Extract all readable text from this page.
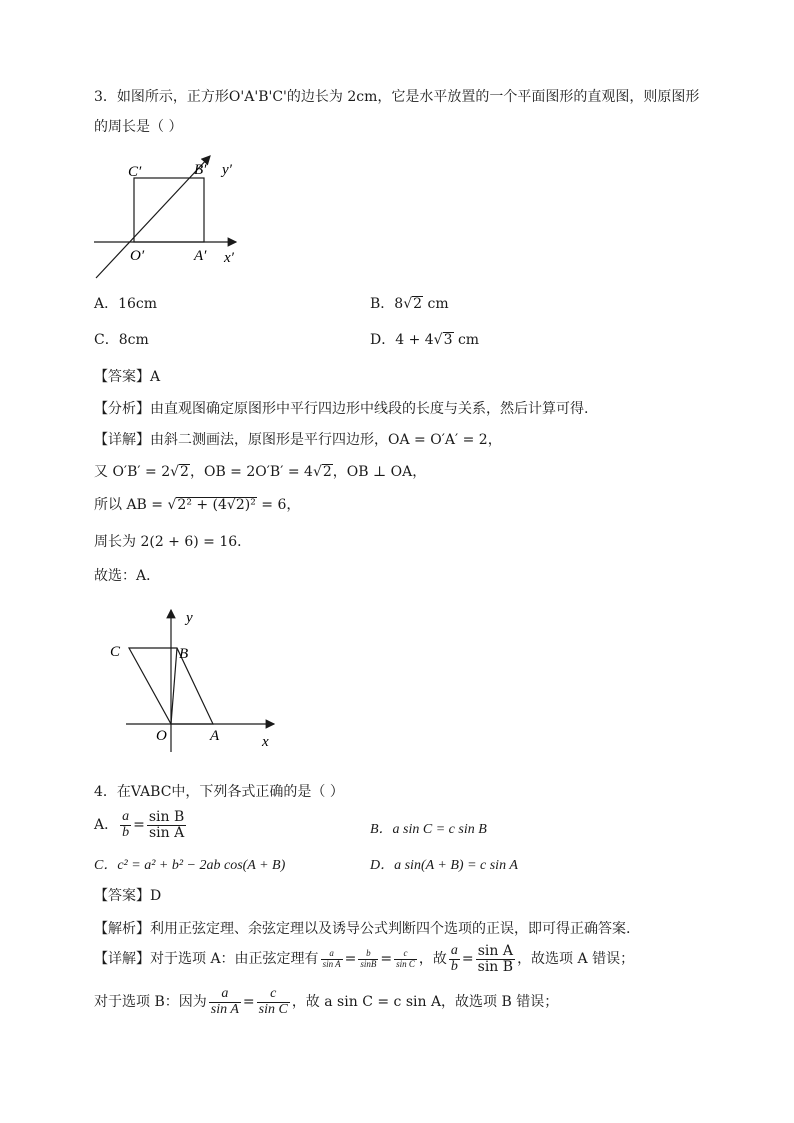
3．如图所示，正方形O'A'B'C'的边长为 2cm，它是水平放置的一个平面图形的直观图，则原图形
的周长是（ ）
C′	B′ y′
O′	A′ x′
A．16cm	B．8√2 cm
C．8cm	D．4 + 4√3 cm
【答案】A
【分析】由直观图确定原图形中平行四边形中线段的长度与关系，然后计算可得.
【详解】由斜二测画法，原图形是平行四边形，OA = O′A′ = 2，
又 O′B′ = 2√2，OB = 2O′B′ = 4√2，OB ⊥ OA，
所以 AB = √2² + (4√2)² = 6，
周长为 2(2 + 6) = 16．
故选：A．
y
C	B
O	A	x
4．在VABC中，下列各式正确的是（ ）
A． $\frac{a}{b} = \frac{\text{sin B}}{\text{sin A}}$	B．a sin C = c sin B
C．c² = a² + b² − 2ab cos(A + B)	D．a sin(A + B) = c sin A
【答案】D
【解析】利用正弦定理、余弦定理以及诱导公式判断四个选项的正误，即可得正确答案.
【详解】对于选项 A：由正弦定理有 $\frac{a}{\text{sin A}} = \frac{b}{\sin B} = \frac{c}{\text{sin C}}$ ，故 $\frac{a}{b} = \frac{\text{sin A}}{\text{sin B}}$ ，故选项 A 错误；
对于选项 B：因为 $\frac{a}{\text{sin A}} = \frac{c}{\text{sin C}}$ ，故 a sin C = c sin A，故选项 B 错误；
